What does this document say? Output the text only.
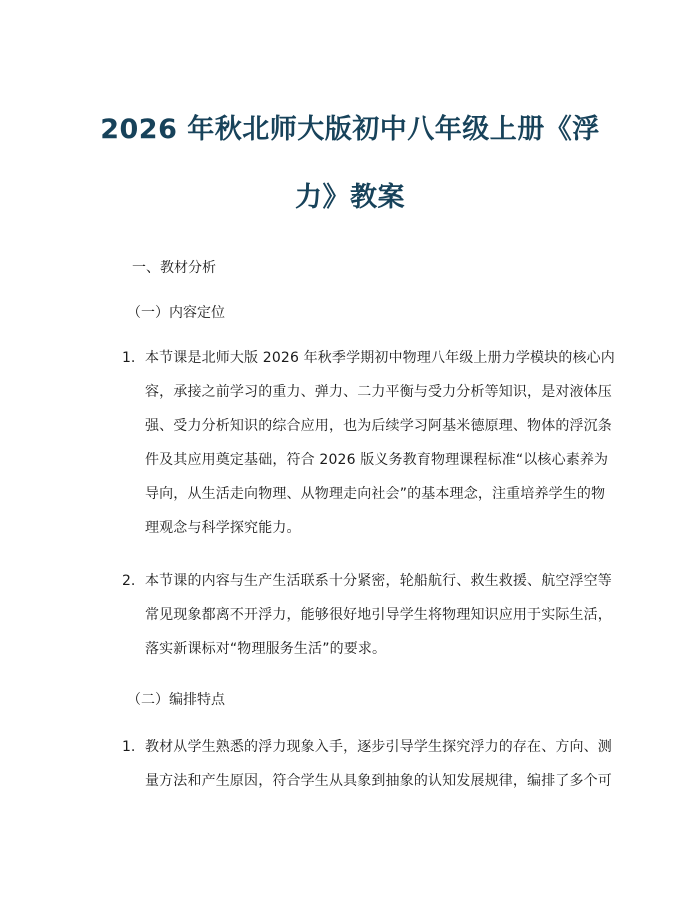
2026 年秋北师大版初中八年级上册《浮
力》教案
一、教材分析
（一）内容定位
1. 本节课是北师大版 2026 年秋季学期初中物理八年级上册力学模块的核心内
容，承接之前学习的重力、弹力、二力平衡与受力分析等知识，是对液体压
强、受力分析知识的综合应用，也为后续学习阿基米德原理、物体的浮沉条
件及其应用奠定基础，符合 2026 版义务教育物理课程标准“以核心素养为
导向，从生活走向物理、从物理走向社会”的基本理念，注重培养学生的物
理观念与科学探究能力。
2. 本节课的内容与生产生活联系十分紧密，轮船航行、救生救援、航空浮空等
常见现象都离不开浮力，能够很好地引导学生将物理知识应用于实际生活，
落实新课标对“物理服务生活”的要求。
（二）编排特点
1. 教材从学生熟悉的浮力现象入手，逐步引导学生探究浮力的存在、方向、测
量方法和产生原因，符合学生从具象到抽象的认知发展规律，编排了多个可
